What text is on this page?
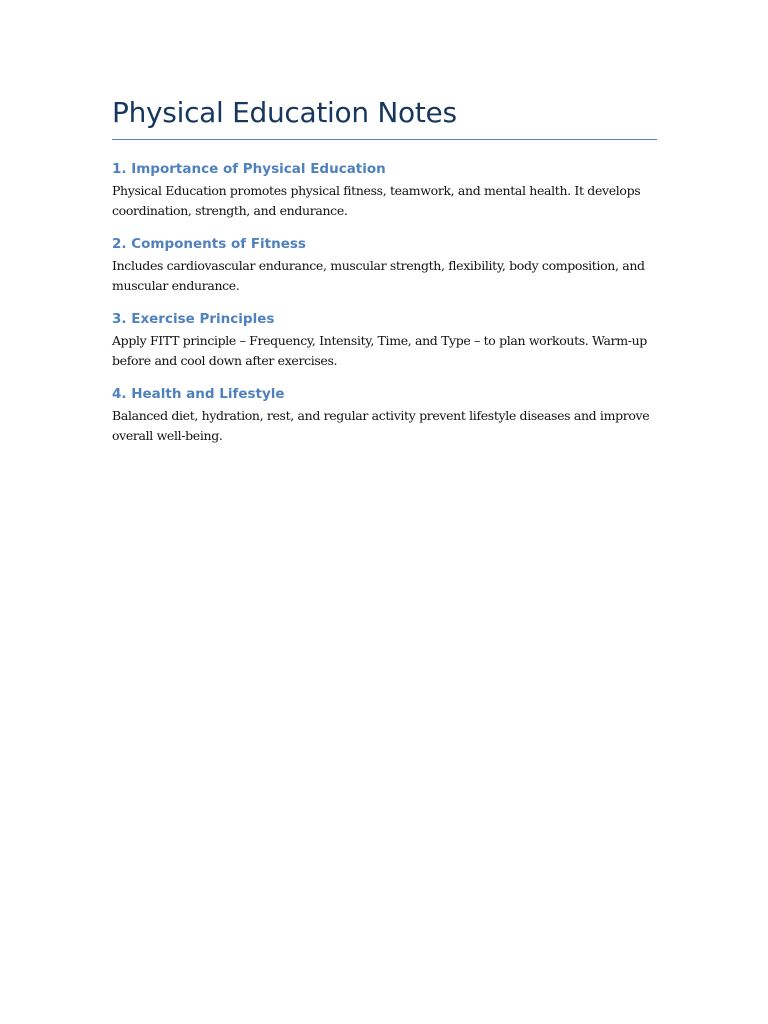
Physical Education Notes
1. Importance of Physical Education

Physical Education promotes physical fitness, teamwork, and mental health. It develops coordination, strength, and endurance.

2. Components of Fitness

Includes cardiovascular endurance, muscular strength, flexibility, body composition, and muscular endurance.

3. Exercise Principles

Apply FITT principle – Frequency, Intensity, Time, and Type – to plan workouts. Warm-up before and cool down after exercises.

4. Health and Lifestyle

Balanced diet, hydration, rest, and regular activity prevent lifestyle diseases and improve overall well-being.
